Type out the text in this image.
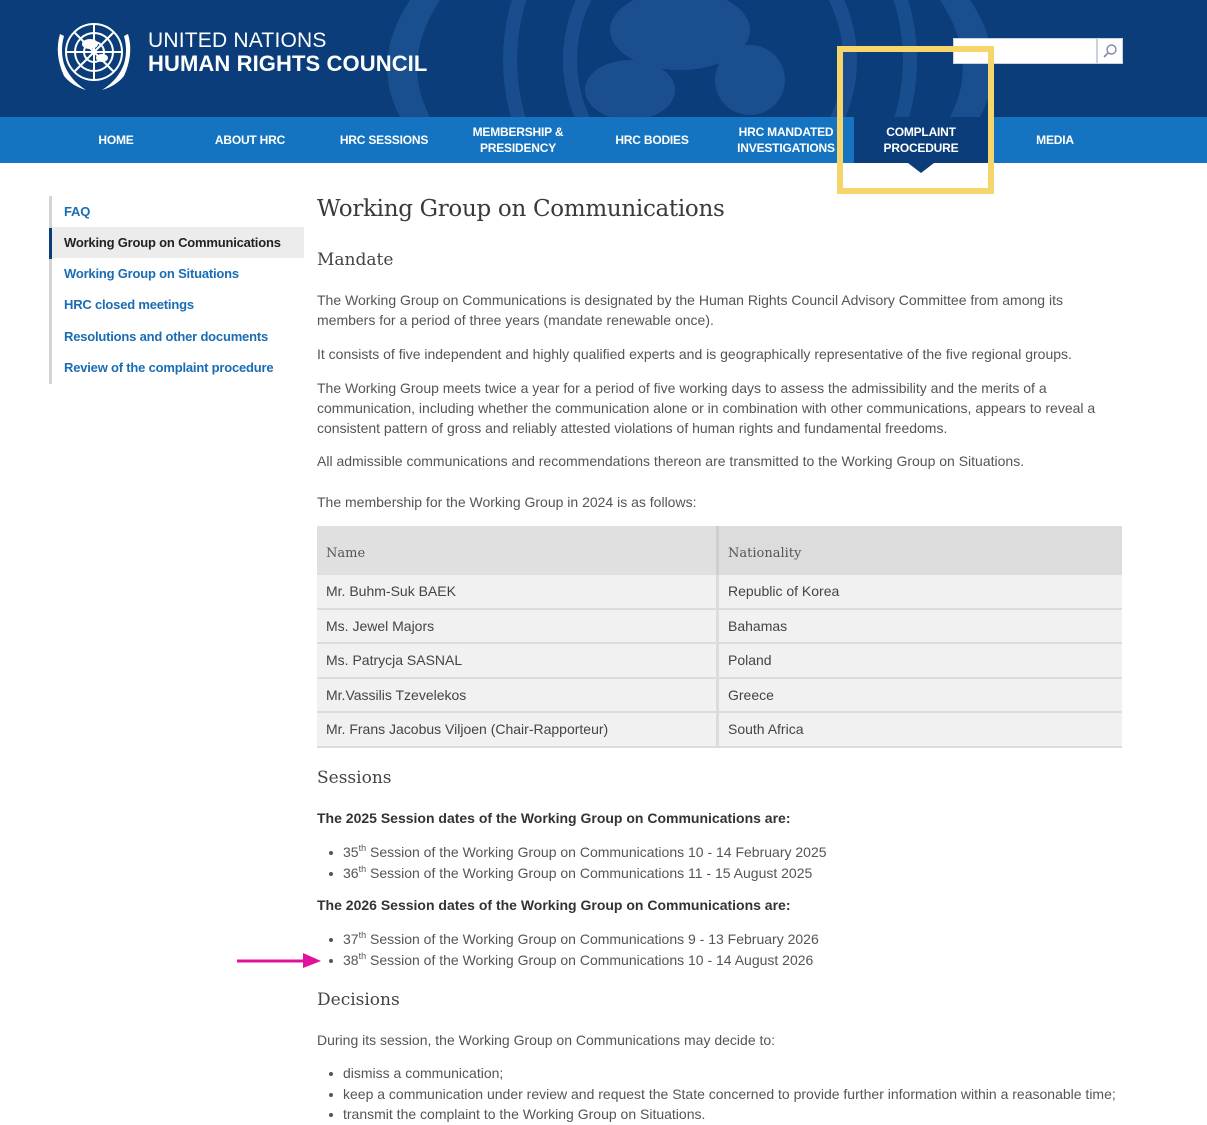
UNITED NATIONS
HUMAN RIGHTS COUNCIL
HOME	ABOUT HRC	HRC SESSIONS
MEMBERSHIP & PRESIDENCY
HRC BODIES
HRC MANDATED INVESTIGATIONS
COMPLAINT PROCEDURE
MEDIA
FAQ
Working Group on Communications
Working Group on Situations
HRC closed meetings
Resolutions and other documents
Review of the complaint procedure
Working Group on Communications
Mandate

The Working Group on Communications is designated by the Human Rights Council Advisory Committee from among its members for a period of three years (mandate renewable once).

It consists of five independent and highly qualified experts and is geographically representative of the five regional groups.

The Working Group meets twice a year for a period of five working days to assess the admissibility and the merits of a communication, including whether the communication alone or in combination with other communications, appears to reveal a consistent pattern of gross and reliably attested violations of human rights and fundamental freedoms.

All admissible communications and recommendations thereon are transmitted to the Working Group on Situations.

The membership for the Working Group in 2024 is as follows:

Name	Nationality
Mr. Buhm-Suk BAEK	Republic of Korea
Ms. Jewel Majors	Bahamas
Ms. Patrycja SASNAL	Poland
Mr.Vassilis Tzevelekos	Greece
Mr. Frans Jacobus Viljoen (Chair-Rapporteur)	South Africa
Sessions
The 2025 Session dates of the Working Group on Communications are:
35th Session of the Working Group on Communications 10 - 14 February 2025
36th Session of the Working Group on Communications 11 - 15 August 2025
The 2026 Session dates of the Working Group on Communications are:
37th Session of the Working Group on Communications 9 - 13 February 2026
38th Session of the Working Group on Communications 10 - 14 August 2026
Decisions

During its session, the Working Group on Communications may decide to:

dismiss a communication;
keep a communication under review and request the State concerned to provide further information within a reasonable time;
transmit the complaint to the Working Group on Situations.
